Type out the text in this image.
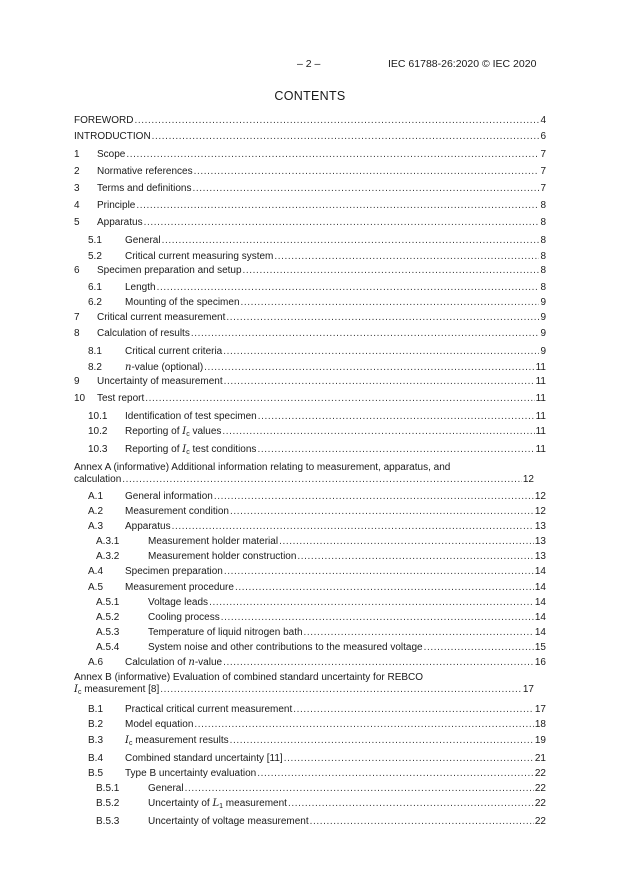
– 2 –	IEC 61788-26:2020 © IEC 2020
CONTENTS
FOREWORD .....	4
INTRODUCTION .....	6
1	Scope .....	7
2	Normative references .....	7
3	Terms and definitions .....	7
4	Principle .....	8
5	Apparatus .....	8
5.1	General .....	8
5.2	Critical current measuring system .....	8
6	Specimen preparation and setup .....	8
6.1	Length .....	8
6.2	Mounting of the specimen .....	9
7	Critical current measurement .....	9
8	Calculation of results .....	9
8.1	Critical current criteria .....	9
8.2	n-value (optional) .....	11
9	Uncertainty of measurement .....	11
10	Test report .....	11
10.1	Identification of test specimen .....	11
10.2	Reporting of $I_c$ values .....	11
10.3	Reporting of $I_c$ test conditions .....	11
Annex A (informative) Additional information relating to measurement, apparatus, and
calculation .....	12
A.1	General information .....	12
A.2	Measurement condition .....	12
A.3	Apparatus .....	13
A.3.1	Measurement holder material .....	13
A.3.2	Measurement holder construction .....	13
A.4	Specimen preparation .....	14
A.5	Measurement procedure .....	14
A.5.1	Voltage leads .....	14
A.5.2	Cooling process .....	14
A.5.3	Temperature of liquid nitrogen bath .....	14
A.5.4	System noise and other contributions to the measured voltage .....	15
A.6	Calculation of n-value .....	16
Annex B (informative) Evaluation of combined standard uncertainty for REBCO
$I_c$ measurement [8] .....	17
B.1	Practical critical current measurement .....	17
B.2	Model equation .....	18
B.3	$I_c$ measurement results .....	19
B.4	Combined standard uncertainty [11] .....	21
B.5	Type B uncertainty evaluation .....	22
B.5.1	General .....	22
B.5.2	Uncertainty of $L_1$ measurement .....	22
B.5.3	Uncertainty of voltage measurement .....	22
